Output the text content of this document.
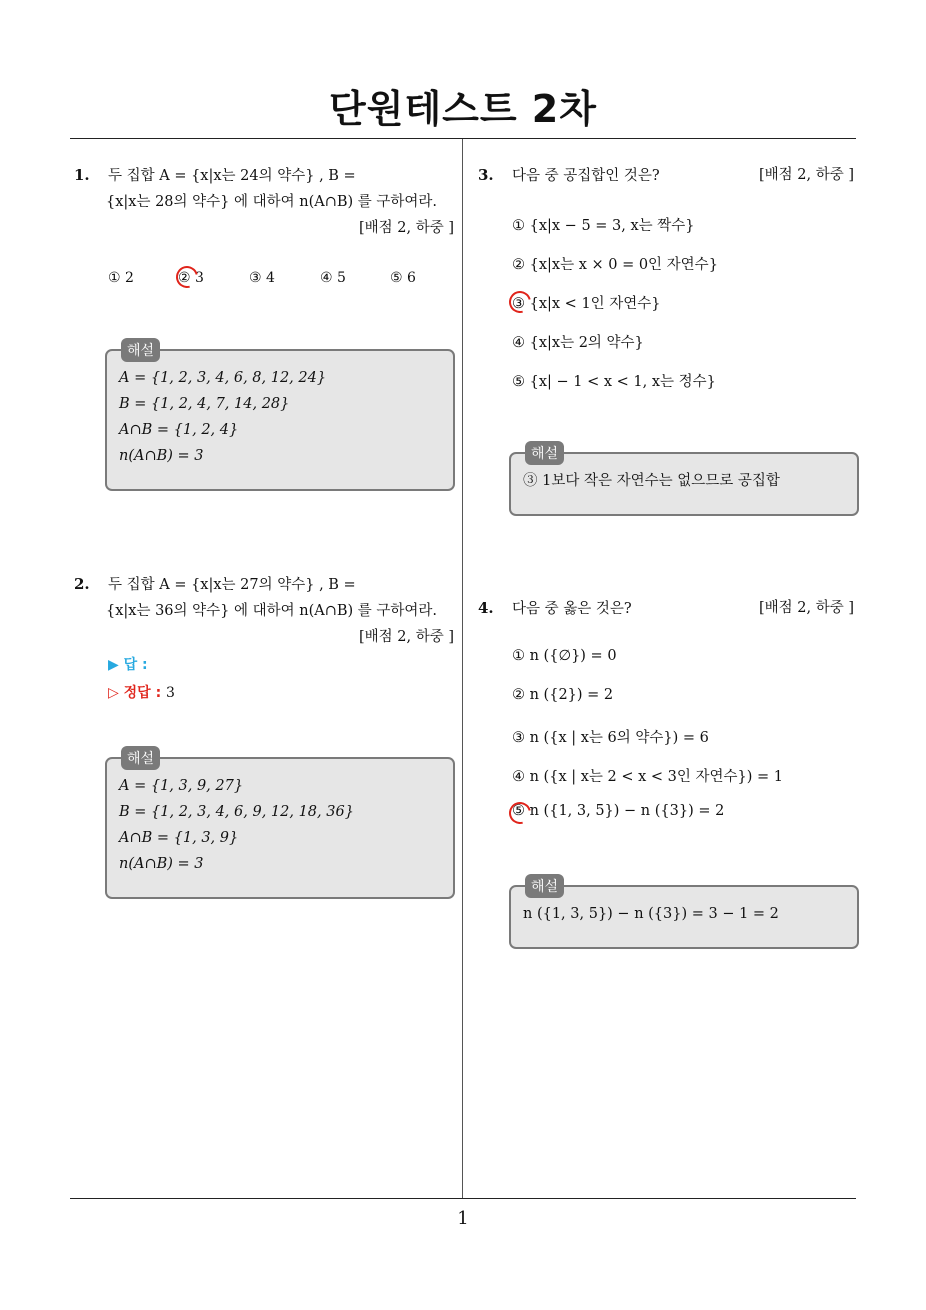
단원테스트 2차
1
1. 두 집합 A = {x|x는 24의 약수} , B =
{x|x는 28의 약수} 에 대하여 n(A∩B) 를 구하여라.
[배점 2, 하중 ]
① 2	② 3	③ 4	④ 5	⑤ 6
해설
A = {1, 2, 3, 4, 6, 8, 12, 24}
B = {1, 2, 4, 7, 14, 28}
A∩B = {1, 2, 4}
n(A∩B) = 3
2. 두 집합 A = {x|x는 27의 약수} , B =
{x|x는 36의 약수} 에 대하여 n(A∩B) 를 구하여라.
[배점 2, 하중 ]
▶ 답 :
▷ 정답 : 3
해설
A = {1, 3, 9, 27}
B = {1, 2, 3, 4, 6, 9, 12, 18, 36}
A∩B = {1, 3, 9}
n(A∩B) = 3
3. 다음 중 공집합인 것은?	[배점 2, 하중 ]
① {x|x − 5 = 3, x는 짝수}
② {x|x는 x × 0 = 0인 자연수}
③ {x|x < 1인 자연수}
④ {x|x는 2의 약수}
⑤ {x| − 1 < x < 1, x는 정수}
해설
③ 1보다 작은 자연수는 없으므로 공집합
4. 다음 중 옳은 것은?	[배점 2, 하중 ]
① n ({∅}) = 0
② n ({2}) = 2
③ n ({x | x는 6의 약수}) = 6
④ n ({x | x는 2 < x < 3인 자연수}) = 1
⑤ n ({1, 3, 5}) − n ({3}) = 2
해설
n ({1, 3, 5}) − n ({3}) = 3 − 1 = 2
